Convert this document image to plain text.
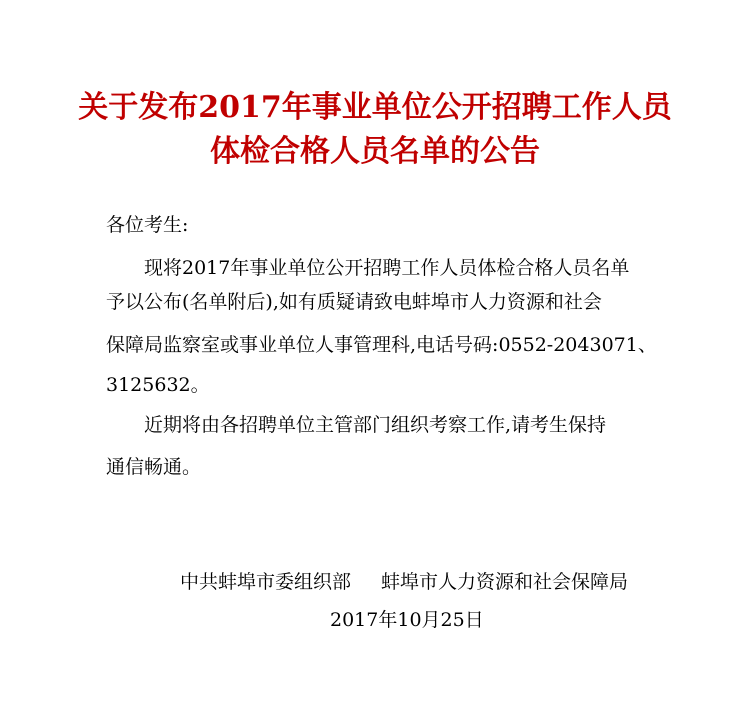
关于发布2017年事业单位公开招聘工作人员
体检合格人员名单的公告
各位考生:
现将2017年事业单位公开招聘工作人员体检合格人员名单
予以公布(名单附后),如有质疑请致电蚌埠市人力资源和社会
保障局监察室或事业单位人事管理科,电话号码:0552-2043071、
3125632。
近期将由各招聘单位主管部门组织考察工作,请考生保持
通信畅通。
中共蚌埠市委组织部 蚌埠市人力资源和社会保障局
2017年10月25日
